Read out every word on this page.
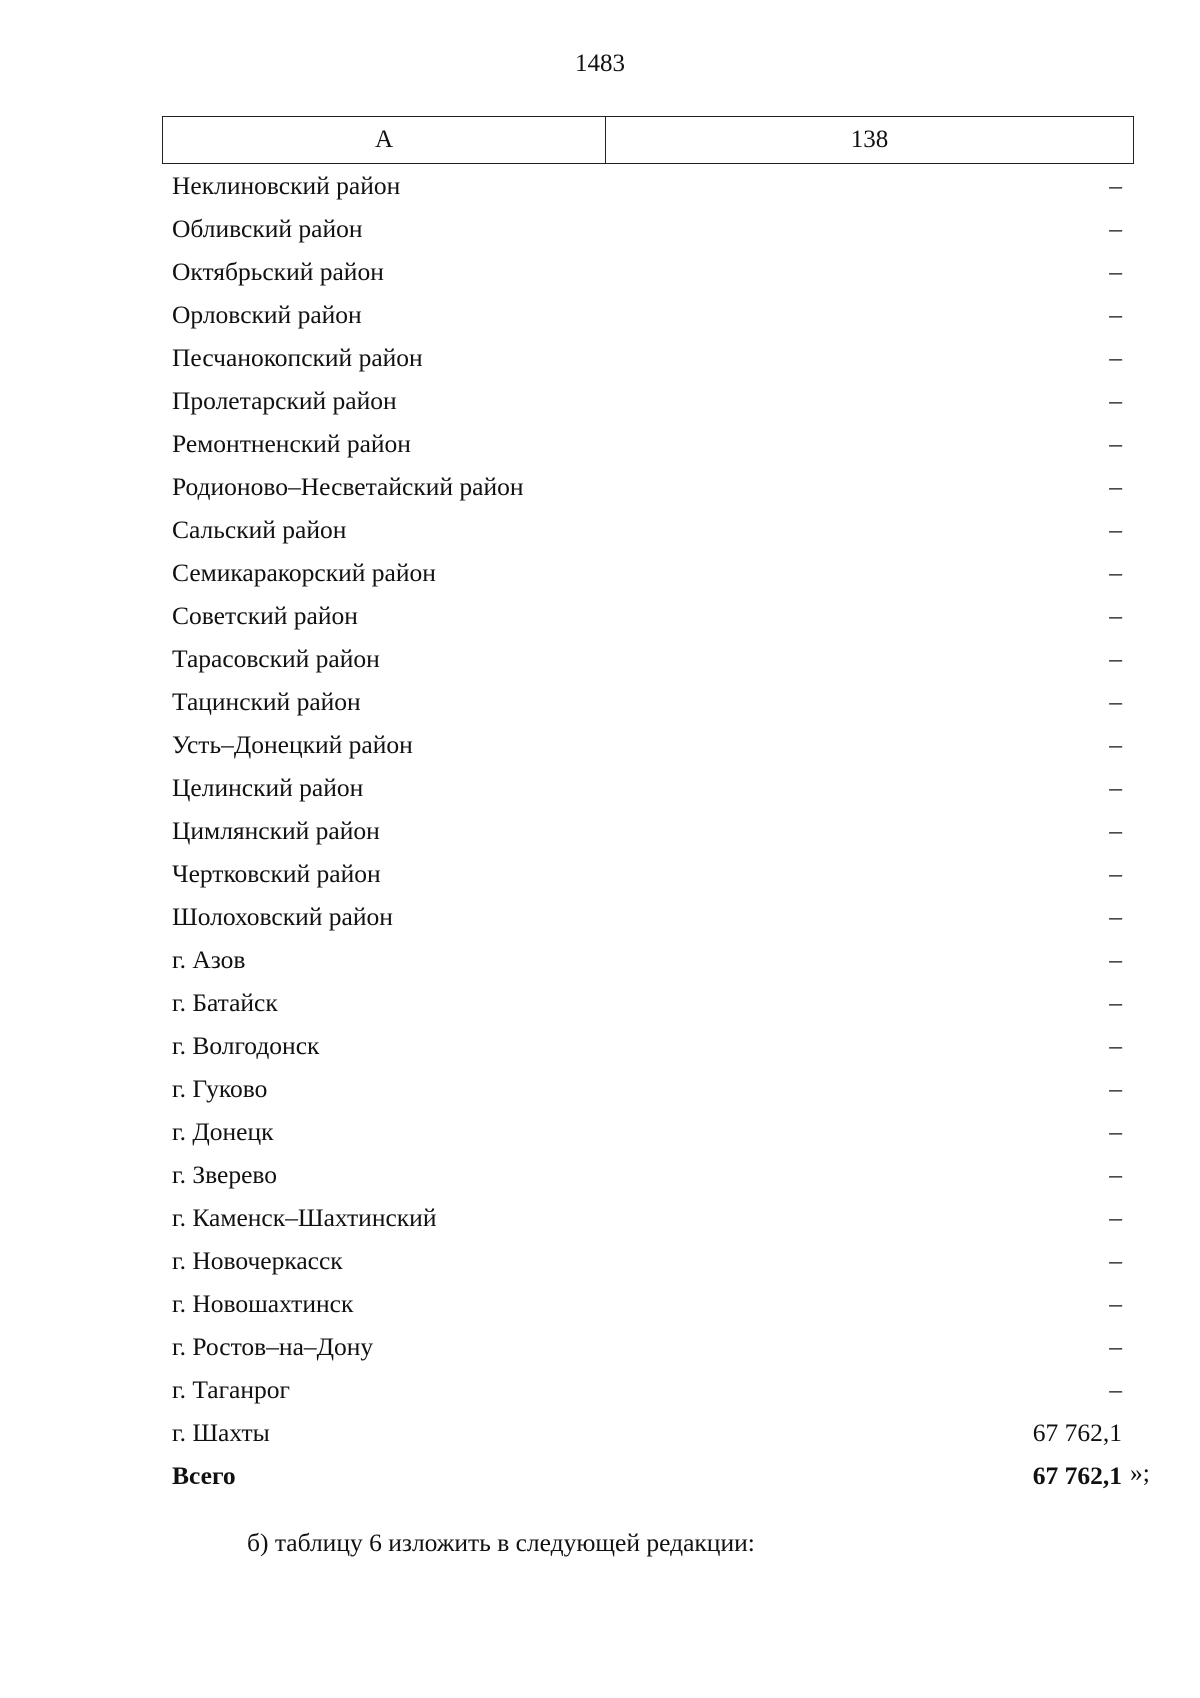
1483
А	138
Неклиновский район	–
Обливский район	–
Октябрьский район	–
Орловский район	–
Песчанокопский район	–
Пролетарский район	–
Ремонтненский район	–
Родионово–Несветайский район	–
Сальский район	–
Семикаракорский район	–
Советский район	–
Тарасовский район	–
Тацинский район	–
Усть–Донецкий район	–
Целинский район	–
Цимлянский район	–
Чертковский район	–
Шолоховский район	–
г. Азов	–
г. Батайск	–
г. Волгодонск	–
г. Гуково	–
г. Донецк	–
г. Зверево	–
г. Каменск–Шахтинский	–
г. Новочеркасск	–
г. Новошахтинск	–
г. Ростов–на–Дону	–
г. Таганрог	–
г. Шахты	67 762,1
Всего	67 762,1 »;
б) таблицу 6 изложить в следующей редакции:
